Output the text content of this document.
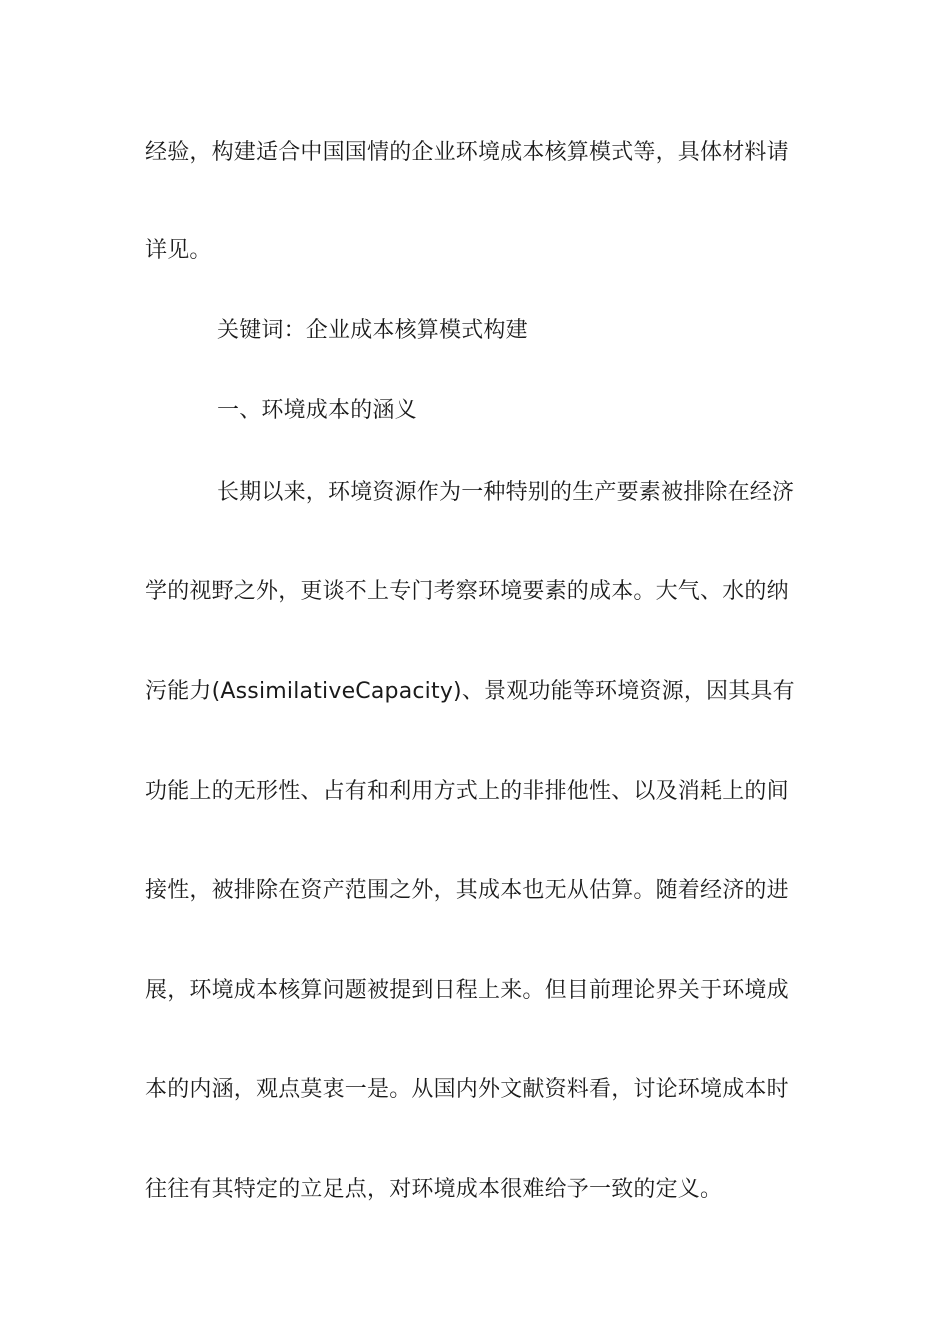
经验，构建适合中国国情的企业环境成本核算模式等，具体材料请
详见。
关键词：企业成本核算模式构建
一、环境成本的涵义
长期以来，环境资源作为一种特别的生产要素被排除在经济
学的视野之外，更谈不上专门考察环境要素的成本。大气、水的纳
污能力(AssimilativeCapacity)、景观功能等环境资源，因其具有
功能上的无形性、占有和利用方式上的非排他性、以及消耗上的间
接性，被排除在资产范围之外，其成本也无从估算。随着经济的进
展，环境成本核算问题被提到日程上来。但目前理论界关于环境成
本的内涵，观点莫衷一是。从国内外文献资料看，讨论环境成本时
往往有其特定的立足点，对环境成本很难给予一致的定义。
